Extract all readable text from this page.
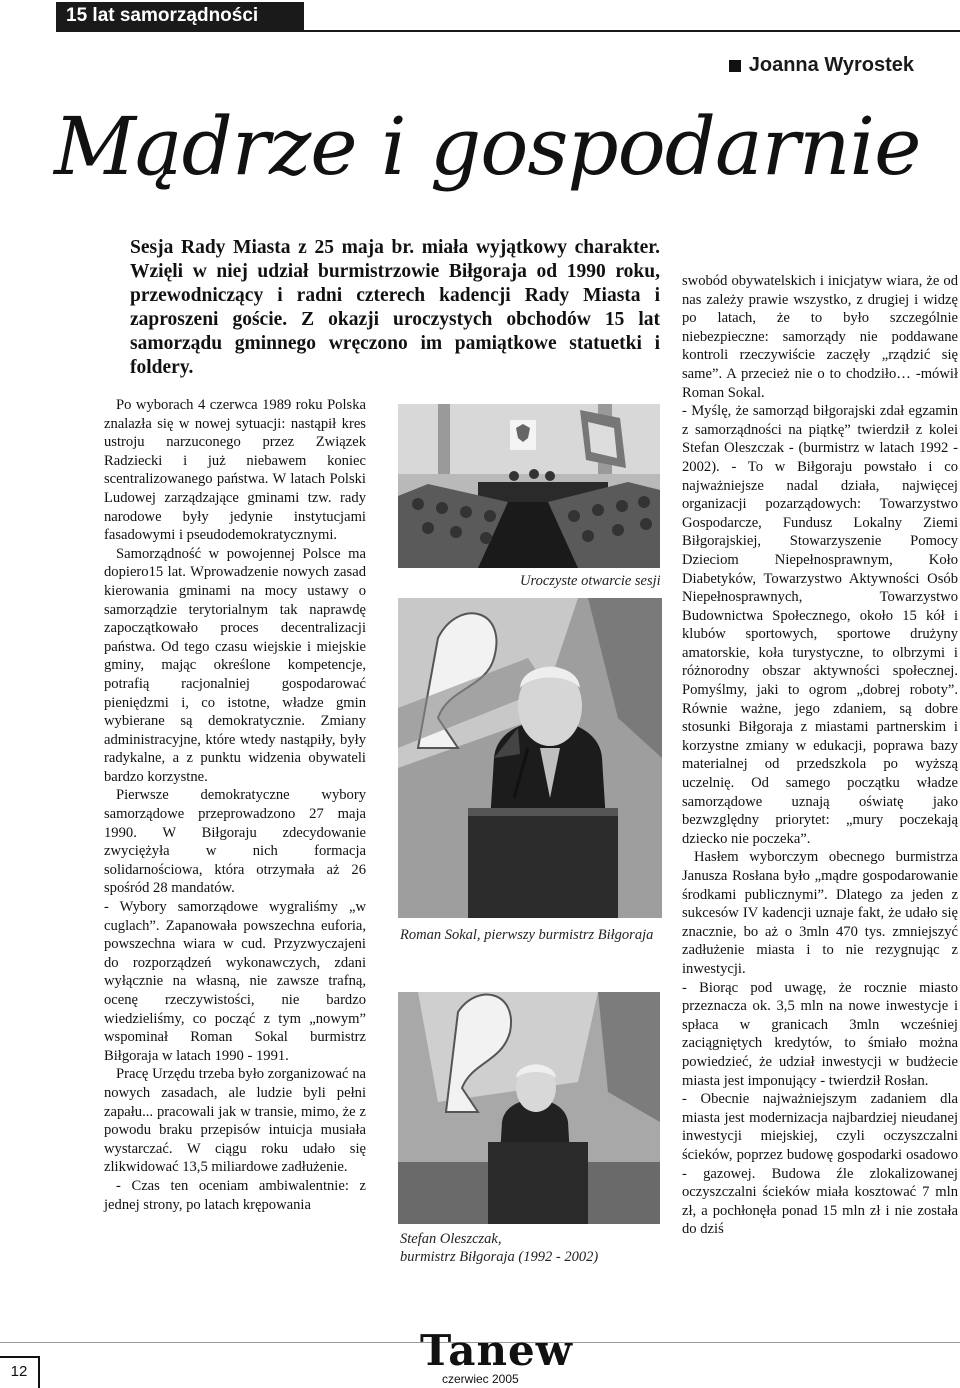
15 lat samorządności
Joanna Wyrostek
Mądrze i gospodarnie
Sesja Rady Miasta z 25 maja br. miała wyjątkowy charakter. Wzięli w niej udział burmistrzowie Biłgoraja od 1990 roku, przewodniczący i radni czterech kadencji Rady Miasta i zaproszeni goście. Z okazji uroczystych obchodów 15 lat samorządu gminnego wręczono im pamiątkowe statuetki i foldery.

Po wyborach 4 czerwca 1989 roku Polska znalazła się w nowej sytuacji: nastąpił kres ustroju narzuconego przez Związek Radziecki i już niebawem koniec scentralizowanego państwa. W latach Polski Ludowej zarządzające gminami tzw. rady narodowe były jedynie instytucjami fasadowymi i pseudodemokratycznymi.

Samorządność w powojennej Polsce ma dopiero15 lat. Wprowadzenie nowych zasad kierowania gminami na mocy ustawy o samorządzie terytorialnym tak naprawdę zapoczątkowało proces decentralizacji państwa. Od tego czasu wiejskie i miejskie gminy, mając określone kompetencje, potrafią racjonalniej gospodarować pieniędzmi i, co istotne, władze gmin wybierane są demokratycznie. Zmiany administracyjne, które wtedy nastąpiły, były radykalne, a z punktu widzenia obywateli bardzo korzystne.

Pierwsze demokratyczne wybory samorządowe przeprowadzono 27 maja 1990. W Biłgoraju zdecydowanie zwyciężyła w nich formacja solidarnościowa, która otrzymała aż 26 spośród 28 mandatów.

- Wybory samorządowe wygraliśmy „w cuglach”. Zapanowała powszechna euforia, powszechna wiara w cud. Przyzwyczajeni do rozporządzeń wykonawczych, zdani wyłącznie na własną, nie zawsze trafną, ocenę rzeczywistości, nie bardzo wiedzieliśmy, co począć z tym „nowym” wspominał Roman Sokal burmistrz Biłgoraja w latach 1990 - 1991.

Pracę Urzędu trzeba było zorganizować na nowych zasadach, ale ludzie byli pełni zapału... pracowali jak w transie, mimo, że z powodu braku przepisów intuicja musiała wystarczać. W ciągu roku udało się zlikwidować 13,5 miliardowe zadłużenie.

- Czas ten oceniam ambiwalentnie: z jednej strony, po latach krępowania

Uroczyste otwarcie sesji
Roman Sokal, pierwszy burmistrz Biłgoraja
Stefan Oleszczak,
burmistrz Biłgoraja (1992 - 2002)

swobód obywatelskich i inicjatyw wiara, że od nas zależy prawie wszystko, z drugiej i widzę po latach, że to było szczególnie niebezpieczne: samorządy nie poddawane kontroli rzeczywiście zaczęły „rządzić się same”. A przecież nie o to chodziło… -mówił Roman Sokal.

- Myślę, że samorząd biłgorajski zdał egzamin z samorządności na piątkę” twierdził z kolei Stefan Oleszczak - (burmistrz w latach 1992 - 2002). - To w Biłgoraju powstało i co najważniejsze nadal działa, najwięcej organizacji pozarządowych: Towarzystwo Gospodarcze, Fundusz Lokalny Ziemi Biłgorajskiej, Stowarzyszenie Pomocy Dzieciom Niepełnosprawnym, Koło Diabetyków, Towarzystwo Aktywności Osób Niepełnosprawnych, Towarzystwo Budownictwa Społecznego, około 15 kół i klubów sportowych, sportowe drużyny amatorskie, koła turystyczne, to olbrzymi i różnorodny obszar aktywności społecznej. Pomyślmy, jaki to ogrom „dobrej roboty”. Równie ważne, jego zdaniem, są dobre stosunki Biłgoraja z miastami partnerskim i korzystne zmiany w edukacji, poprawa bazy materialnej od przedszkola po wyższą uczelnię. Od samego początku władze samorządowe uznają oświatę jako bezwzględny priorytet: „mury poczekają dziecko nie poczeka”.

Hasłem wyborczym obecnego burmistrza Janusza Rosłana było „mądre gospodarowanie środkami publicznymi”. Dlatego za jeden z sukcesów IV kadencji uznaje fakt, że udało się znacznie, bo aż o 3mln 470 tys. zmniejszyć zadłużenie miasta i to nie rezygnując z inwestycji.

- Biorąc pod uwagę, że rocznie miasto przeznacza ok. 3,5 mln na nowe inwestycje i spłaca w granicach 3mln wcześniej zaciągniętych kredytów, to śmiało można powiedzieć, że udział inwestycji w budżecie miasta jest imponujący - twierdził Rosłan.

- Obecnie najważniejszym zadaniem dla miasta jest modernizacja najbardziej nieudanej inwestycji miejskiej, czyli oczyszczalni ścieków, poprzez budowę gospodarki osadowo - gazowej. Budowa źle zlokalizowanej oczyszczalni ścieków miała kosztować 7 mln zł, a pochłonęła ponad 15 mln zł i nie została do dziś

12	Tanew
czerwiec 2005
